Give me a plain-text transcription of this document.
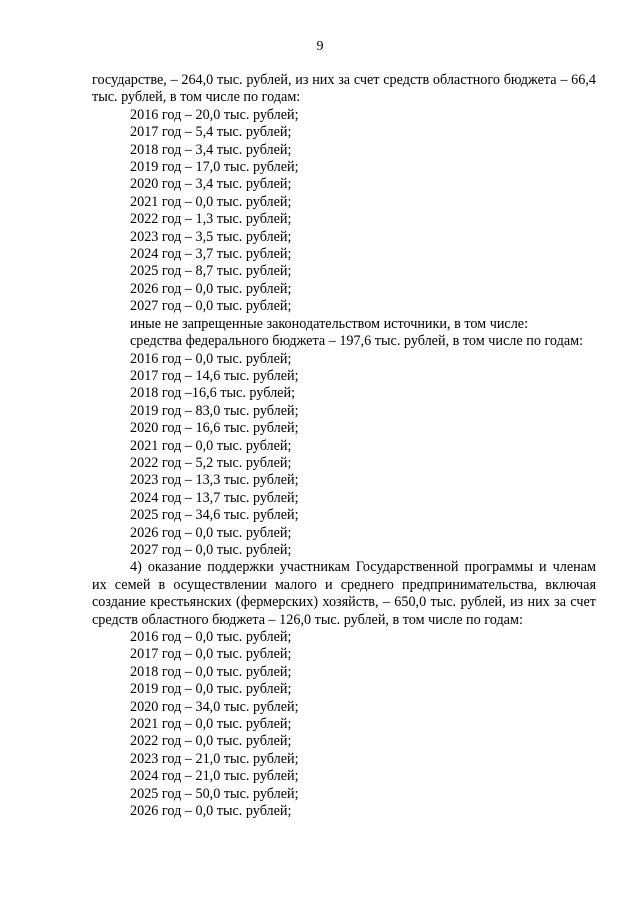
9

государстве, – 264,0 тыс. рублей, из них за счет средств областного бюджета – 66,4 тыс. рублей, в том числе по годам:

2016 год – 20,0 тыс. рублей;
2017 год – 5,4 тыс. рублей;
2018 год – 3,4 тыс. рублей;
2019 год – 17,0 тыс. рублей;
2020 год – 3,4 тыс. рублей;
2021 год – 0,0 тыс. рублей;
2022 год – 1,3 тыс. рублей;
2023 год – 3,5 тыс. рублей;
2024 год – 3,7 тыс. рублей;
2025 год – 8,7 тыс. рублей;
2026 год – 0,0 тыс. рублей;
2027 год – 0,0 тыс. рублей;

иные не запрещенные законодательством источники, в том числе:

средства федерального бюджета – 197,6 тыс. рублей, в том числе по годам:

2016 год – 0,0 тыс. рублей;
2017 год – 14,6 тыс. рублей;
2018 год –16,6 тыс. рублей;
2019 год – 83,0 тыс. рублей;
2020 год – 16,6 тыс. рублей;
2021 год – 0,0 тыс. рублей;
2022 год – 5,2 тыс. рублей;
2023 год – 13,3 тыс. рублей;
2024 год – 13,7 тыс. рублей;
2025 год – 34,6 тыс. рублей;
2026 год – 0,0 тыс. рублей;
2027 год – 0,0 тыс. рублей;

4) оказание поддержки участникам Государственной программы и членам их семей в осуществлении малого и среднего предпринимательства, включая создание крестьянских (фермерских) хозяйств, – 650,0 тыс. рублей, из них за счет средств областного бюджета – 126,0 тыс. рублей, в том числе по годам:

2016 год – 0,0 тыс. рублей;
2017 год – 0,0 тыс. рублей;
2018 год – 0,0 тыс. рублей;
2019 год – 0,0 тыс. рублей;
2020 год – 34,0 тыс. рублей;
2021 год – 0,0 тыс. рублей;
2022 год – 0,0 тыс. рублей;
2023 год – 21,0 тыс. рублей;
2024 год – 21,0 тыс. рублей;
2025 год – 50,0 тыс. рублей;
2026 год – 0,0 тыс. рублей;
